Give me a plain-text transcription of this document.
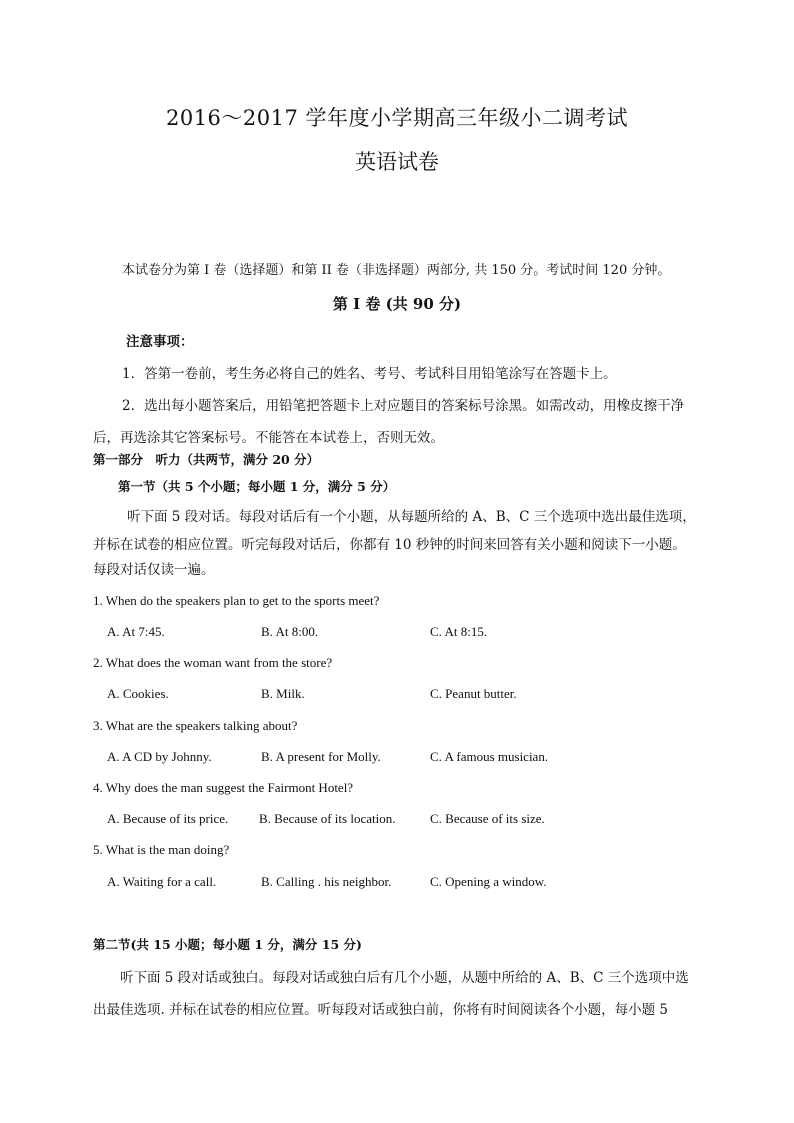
2016～2017 学年度小学期高三年级小二调考试
英语试卷
本试卷分为第 I 卷（选择题）和第 II 卷（非选择题）两部分, 共 150 分。考试时间 120 分钟。
第 I 卷 (共 90 分)
注意事项：
1．答第一卷前，考生务必将自己的姓名、考号、考试科目用铅笔涂写在答题卡上。
2．选出每小题答案后，用铅笔把答题卡上对应题目的答案标号涂黑。如需改动，用橡皮擦干净
后，再选涂其它答案标号。不能答在本试卷上，否则无效。
第一部分　听力（共两节，满分 20 分）
第一节（共 5 个小题；每小题 1 分，满分 5 分）
听下面 5 段对话。每段对话后有一个小题，从每题所给的 A、B、C 三个选项中选出最佳选项，
并标在试卷的相应位置。听完每段对话后，你都有 10 秒钟的时间来回答有关小题和阅读下一小题。
每段对话仅读一遍。
1. When do the speakers plan to get to the sports meet?
A. At 7:45.	B. At 8:00.	C. At 8:15.
2. What does the woman want from the store?
A. Cookies.	B. Milk.	C. Peanut butter.
3. What are the speakers talking about?
A. A CD by Johnny.	B. A present for Molly.	C. A famous musician.
4. Why does the man suggest the Fairmont Hotel?
A. Because of its price. B. Because of its location.	C. Because of its size.
5. What is the man doing?
A. Waiting for a call.	B. Calling . his neighbor.	C. Opening a window.
第二节(共 15 小题；每小题 1 分，满分 15 分)
听下面 5 段对话或独白。每段对话或独白后有几个小题，从题中所给的 A、B、C 三个选项中选
出最佳选项. 并标在试卷的相应位置。听每段对话或独白前，你将有时间阅读各个小题，每小题 5
